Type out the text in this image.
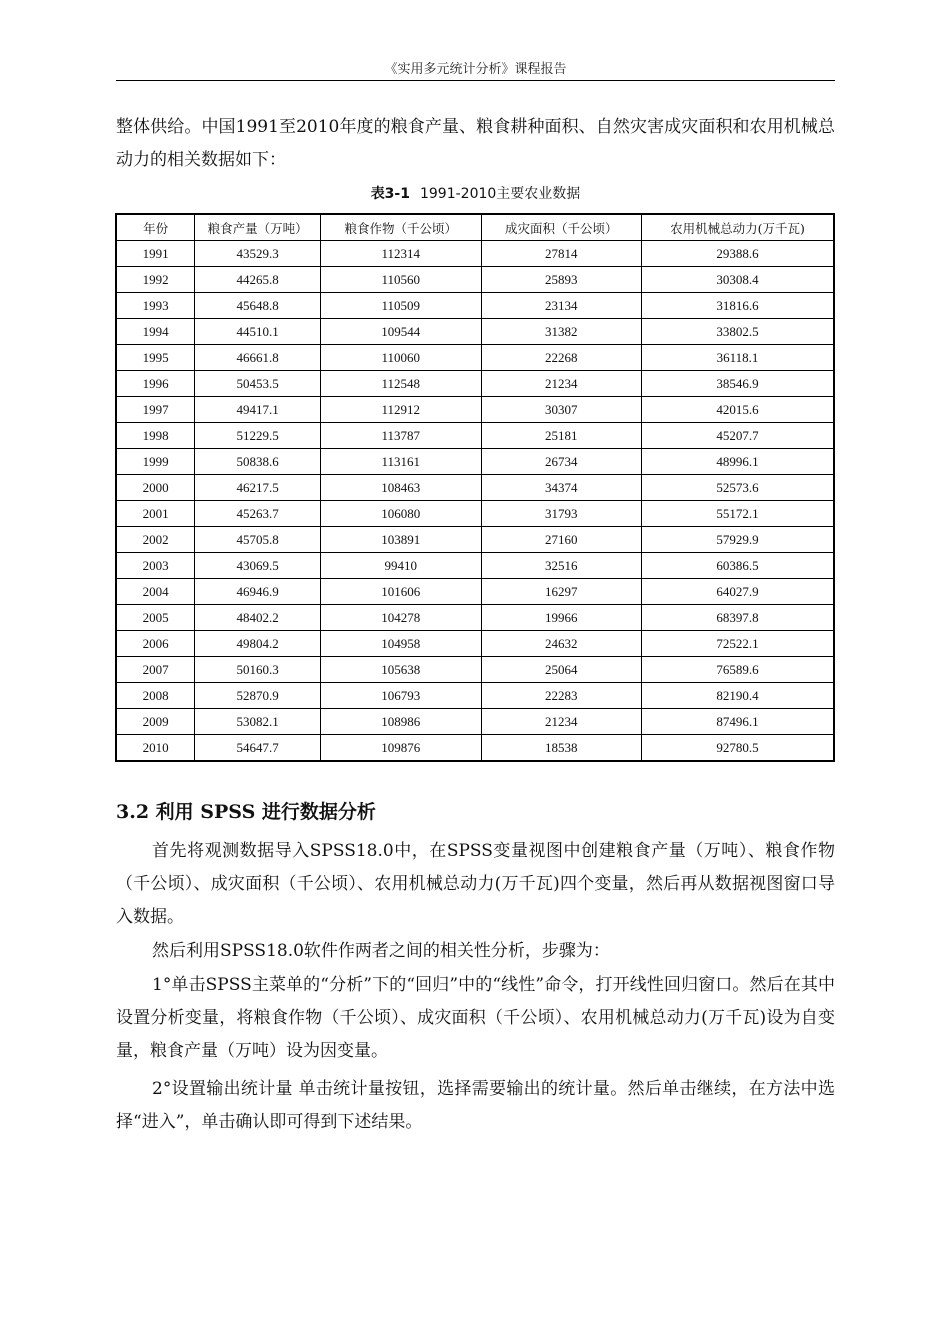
《实用多元统计分析》课程报告

整体供给。中国1991至2010年度的粮食产量、粮食耕种面积、自然灾害成灾面积和农用机械总动力的相关数据如下：

表3-1 1991-2010主要农业数据
年份	粮食产量（万吨）	粮食作物（千公顷）	成灾面积（千公顷）	农用机械总动力(万千瓦)
1991	43529.3	112314	27814	29388.6
1992	44265.8	110560	25893	30308.4
1993	45648.8	110509	23134	31816.6
1994	44510.1	109544	31382	33802.5
1995	46661.8	110060	22268	36118.1
1996	50453.5	112548	21234	38546.9
1997	49417.1	112912	30307	42015.6
1998	51229.5	113787	25181	45207.7
1999	50838.6	113161	26734	48996.1
2000	46217.5	108463	34374	52573.6
2001	45263.7	106080	31793	55172.1
2002	45705.8	103891	27160	57929.9
2003	43069.5	99410	32516	60386.5
2004	46946.9	101606	16297	64027.9
2005	48402.2	104278	19966	68397.8
2006	49804.2	104958	24632	72522.1
2007	50160.3	105638	25064	76589.6
2008	52870.9	106793	22283	82190.4
2009	53082.1	108986	21234	87496.1
2010	54647.7	109876	18538	92780.5
3.2 利用 SPSS 进行数据分析

首先将观测数据导入SPSS18.0中，在SPSS变量视图中创建粮食产量（万吨）、粮食作物（千公顷）、成灾面积（千公顷）、农用机械总动力(万千瓦)四个变量，然后再从数据视图窗口导入数据。

然后利用SPSS18.0软件作两者之间的相关性分析，步骤为：

1°单击SPSS主菜单的“分析”下的“回归”中的“线性”命令，打开线性回归窗口。然后在其中设置分析变量，将粮食作物（千公顷）、成灾面积（千公顷）、农用机械总动力(万千瓦)设为自变量，粮食产量（万吨）设为因变量。

2°设置输出统计量 单击统计量按钮，选择需要输出的统计量。然后单击继续，在方法中选择“进入”，单击确认即可得到下述结果。
